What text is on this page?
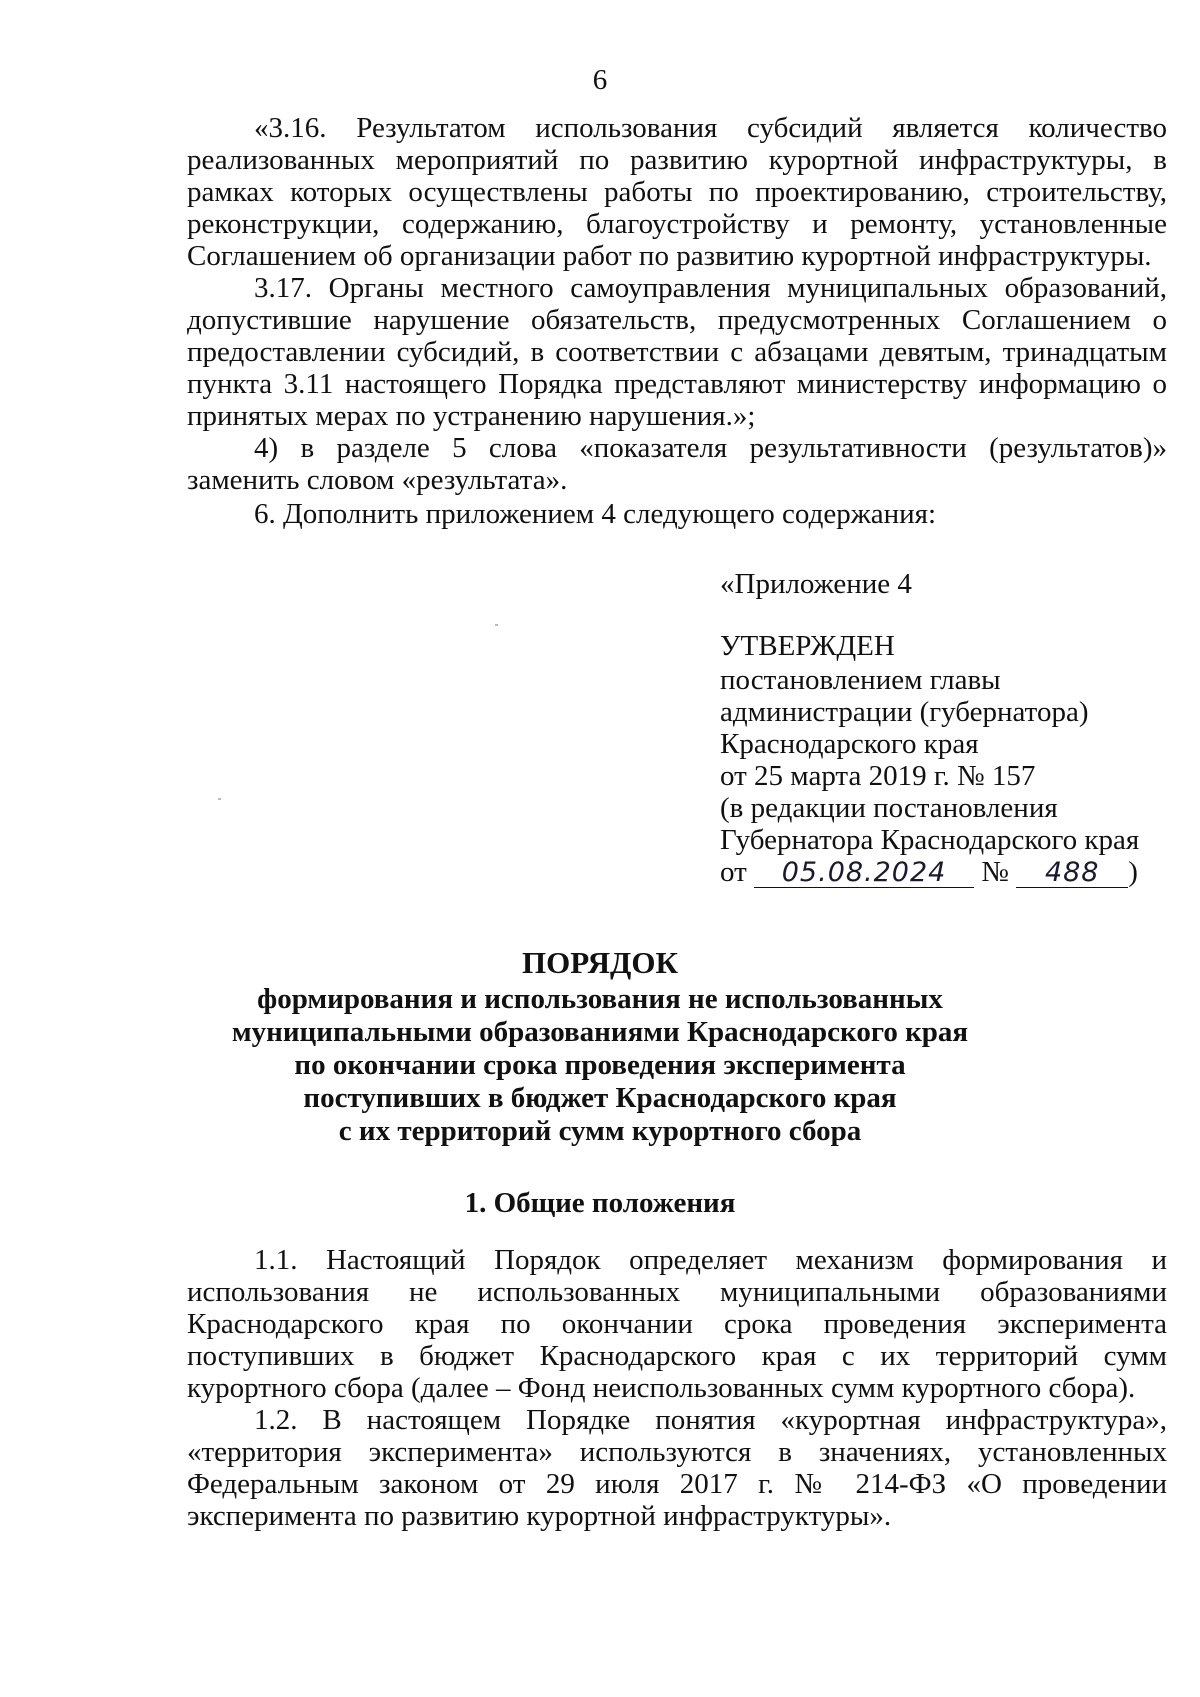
6

«3.16. Результатом использования субсидий является количество реализованных мероприятий по развитию курортной инфраструктуры, в рамках которых осуществлены работы по проектированию, строительству, реконструкции, содержанию, благоустройству и ремонту, установленные Соглашением об организации работ по развитию курортной инфраструктуры.

3.17. Органы местного самоуправления муниципальных образований, допустившие нарушение обязательств, предусмотренных Соглашением о предоставлении субсидий, в соответствии с абзацами девятым, тринадцатым пункта 3.11 настоящего Порядка представляют министерству информацию о принятых мерах по устранению нарушения.»;

4) в разделе 5 слова «показателя результативности (результатов)» заменить словом «результата».

6. Дополнить приложением 4 следующего содержания:

«Приложение 4
УТВЕРЖДЕН
постановлением главы
администрации (губернатора)
Краснодарского края
от 25 марта 2019 г. № 157
(в редакции постановления
Губернатора Краснодарского края
от 05.08.2024 № 488 )
ПОРЯДОК
формирования и использования не использованных
муниципальными образованиями Краснодарского края
по окончании срока проведения эксперимента
поступивших в бюджет Краснодарского края
с их территорий сумм курортного сбора
1. Общие положения

1.1. Настоящий Порядок определяет механизм формирования и использования не использованных муниципальными образованиями Краснодарского края по окончании срока проведения эксперимента поступивших в бюджет Краснодарского края с их территорий сумм курортного сбора (далее – Фонд неиспользованных сумм курортного сбора).

1.2. В настоящем Порядке понятия «курортная инфраструктура», «территория эксперимента» используются в значениях, установленных Федеральным законом от 29 июля 2017 г. № 214-ФЗ «О проведении эксперимента по развитию курортной инфраструктуры».
